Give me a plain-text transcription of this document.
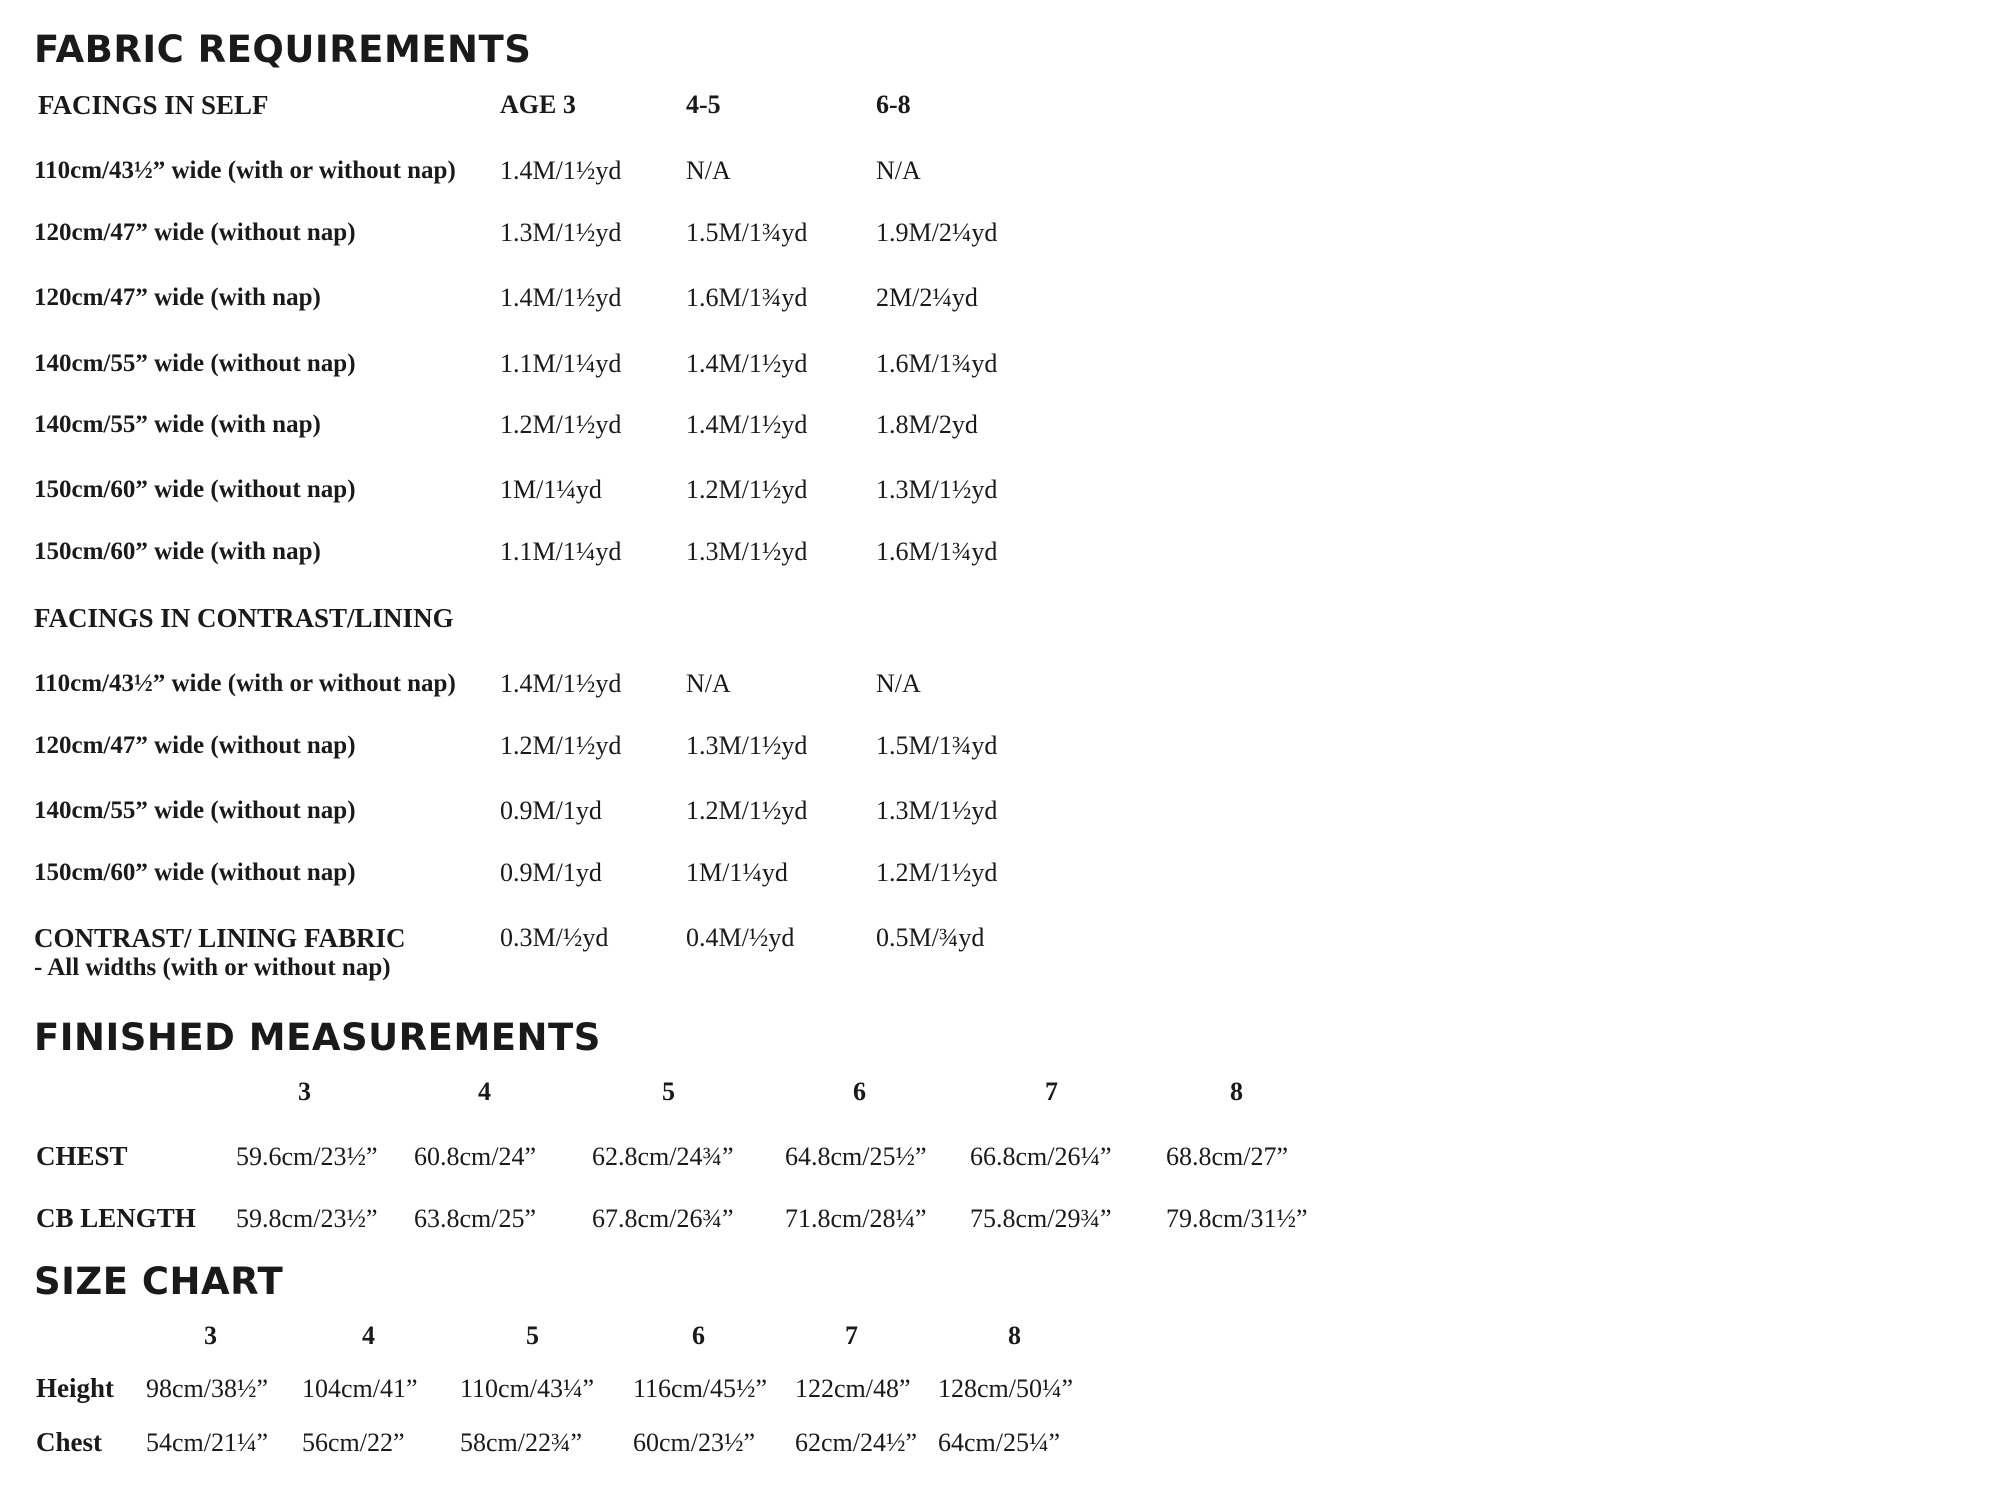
FABRIC REQUIREMENTS
FACINGS IN SELF	AGE 3	4-5	6-8
110cm/43½” wide (with or without nap) 1.4M/1½yd N/A	N/A
120cm/47” wide (without nap)	1.3M/1½yd 1.5M/1¾yd	1.9M/2¼yd
120cm/47” wide (with nap)	1.4M/1½yd 1.6M/1¾yd	2M/2¼yd
140cm/55” wide (without nap)	1.1M/1¼yd 1.4M/1½yd	1.6M/1¾yd
140cm/55” wide (with nap)	1.2M/1½yd 1.4M/1½yd	1.8M/2yd
150cm/60” wide (without nap)	1M/1¼yd	1.2M/1½yd	1.3M/1½yd
150cm/60” wide (with nap)	1.1M/1¼yd 1.3M/1½yd	1.6M/1¾yd
FACINGS IN CONTRAST/LINING
110cm/43½” wide (with or without nap) 1.4M/1½yd N/A	N/A
120cm/47” wide (without nap)	1.2M/1½yd 1.3M/1½yd	1.5M/1¾yd
140cm/55” wide (without nap)	0.9M/1yd	1.2M/1½yd	1.3M/1½yd
150cm/60” wide (without nap)	0.9M/1yd	1M/1¼yd	1.2M/1½yd
CONTRAST/ LINING FABRIC
- All widths (with or without nap)
0.3M/½yd	0.4M/½yd	0.5M/¾yd
FINISHED MEASUREMENTS
3	4	5	6	7	8
CHEST	59.6cm/23½” 60.8cm/24” 62.8cm/24¾” 64.8cm/25½” 66.8cm/26¼” 68.8cm/27”
CB LENGTH 59.8cm/23½” 63.8cm/25” 67.8cm/26¾” 71.8cm/28¼” 75.8cm/29¾” 79.8cm/31½”
SIZE CHART
3	4	5	6	7	8
Height 98cm/38½” 104cm/41” 110cm/43¼” 116cm/45½” 122cm/48” 128cm/50¼”
Chest 54cm/21¼” 56cm/22” 58cm/22¾” 60cm/23½” 62cm/24½” 64cm/25¼”
